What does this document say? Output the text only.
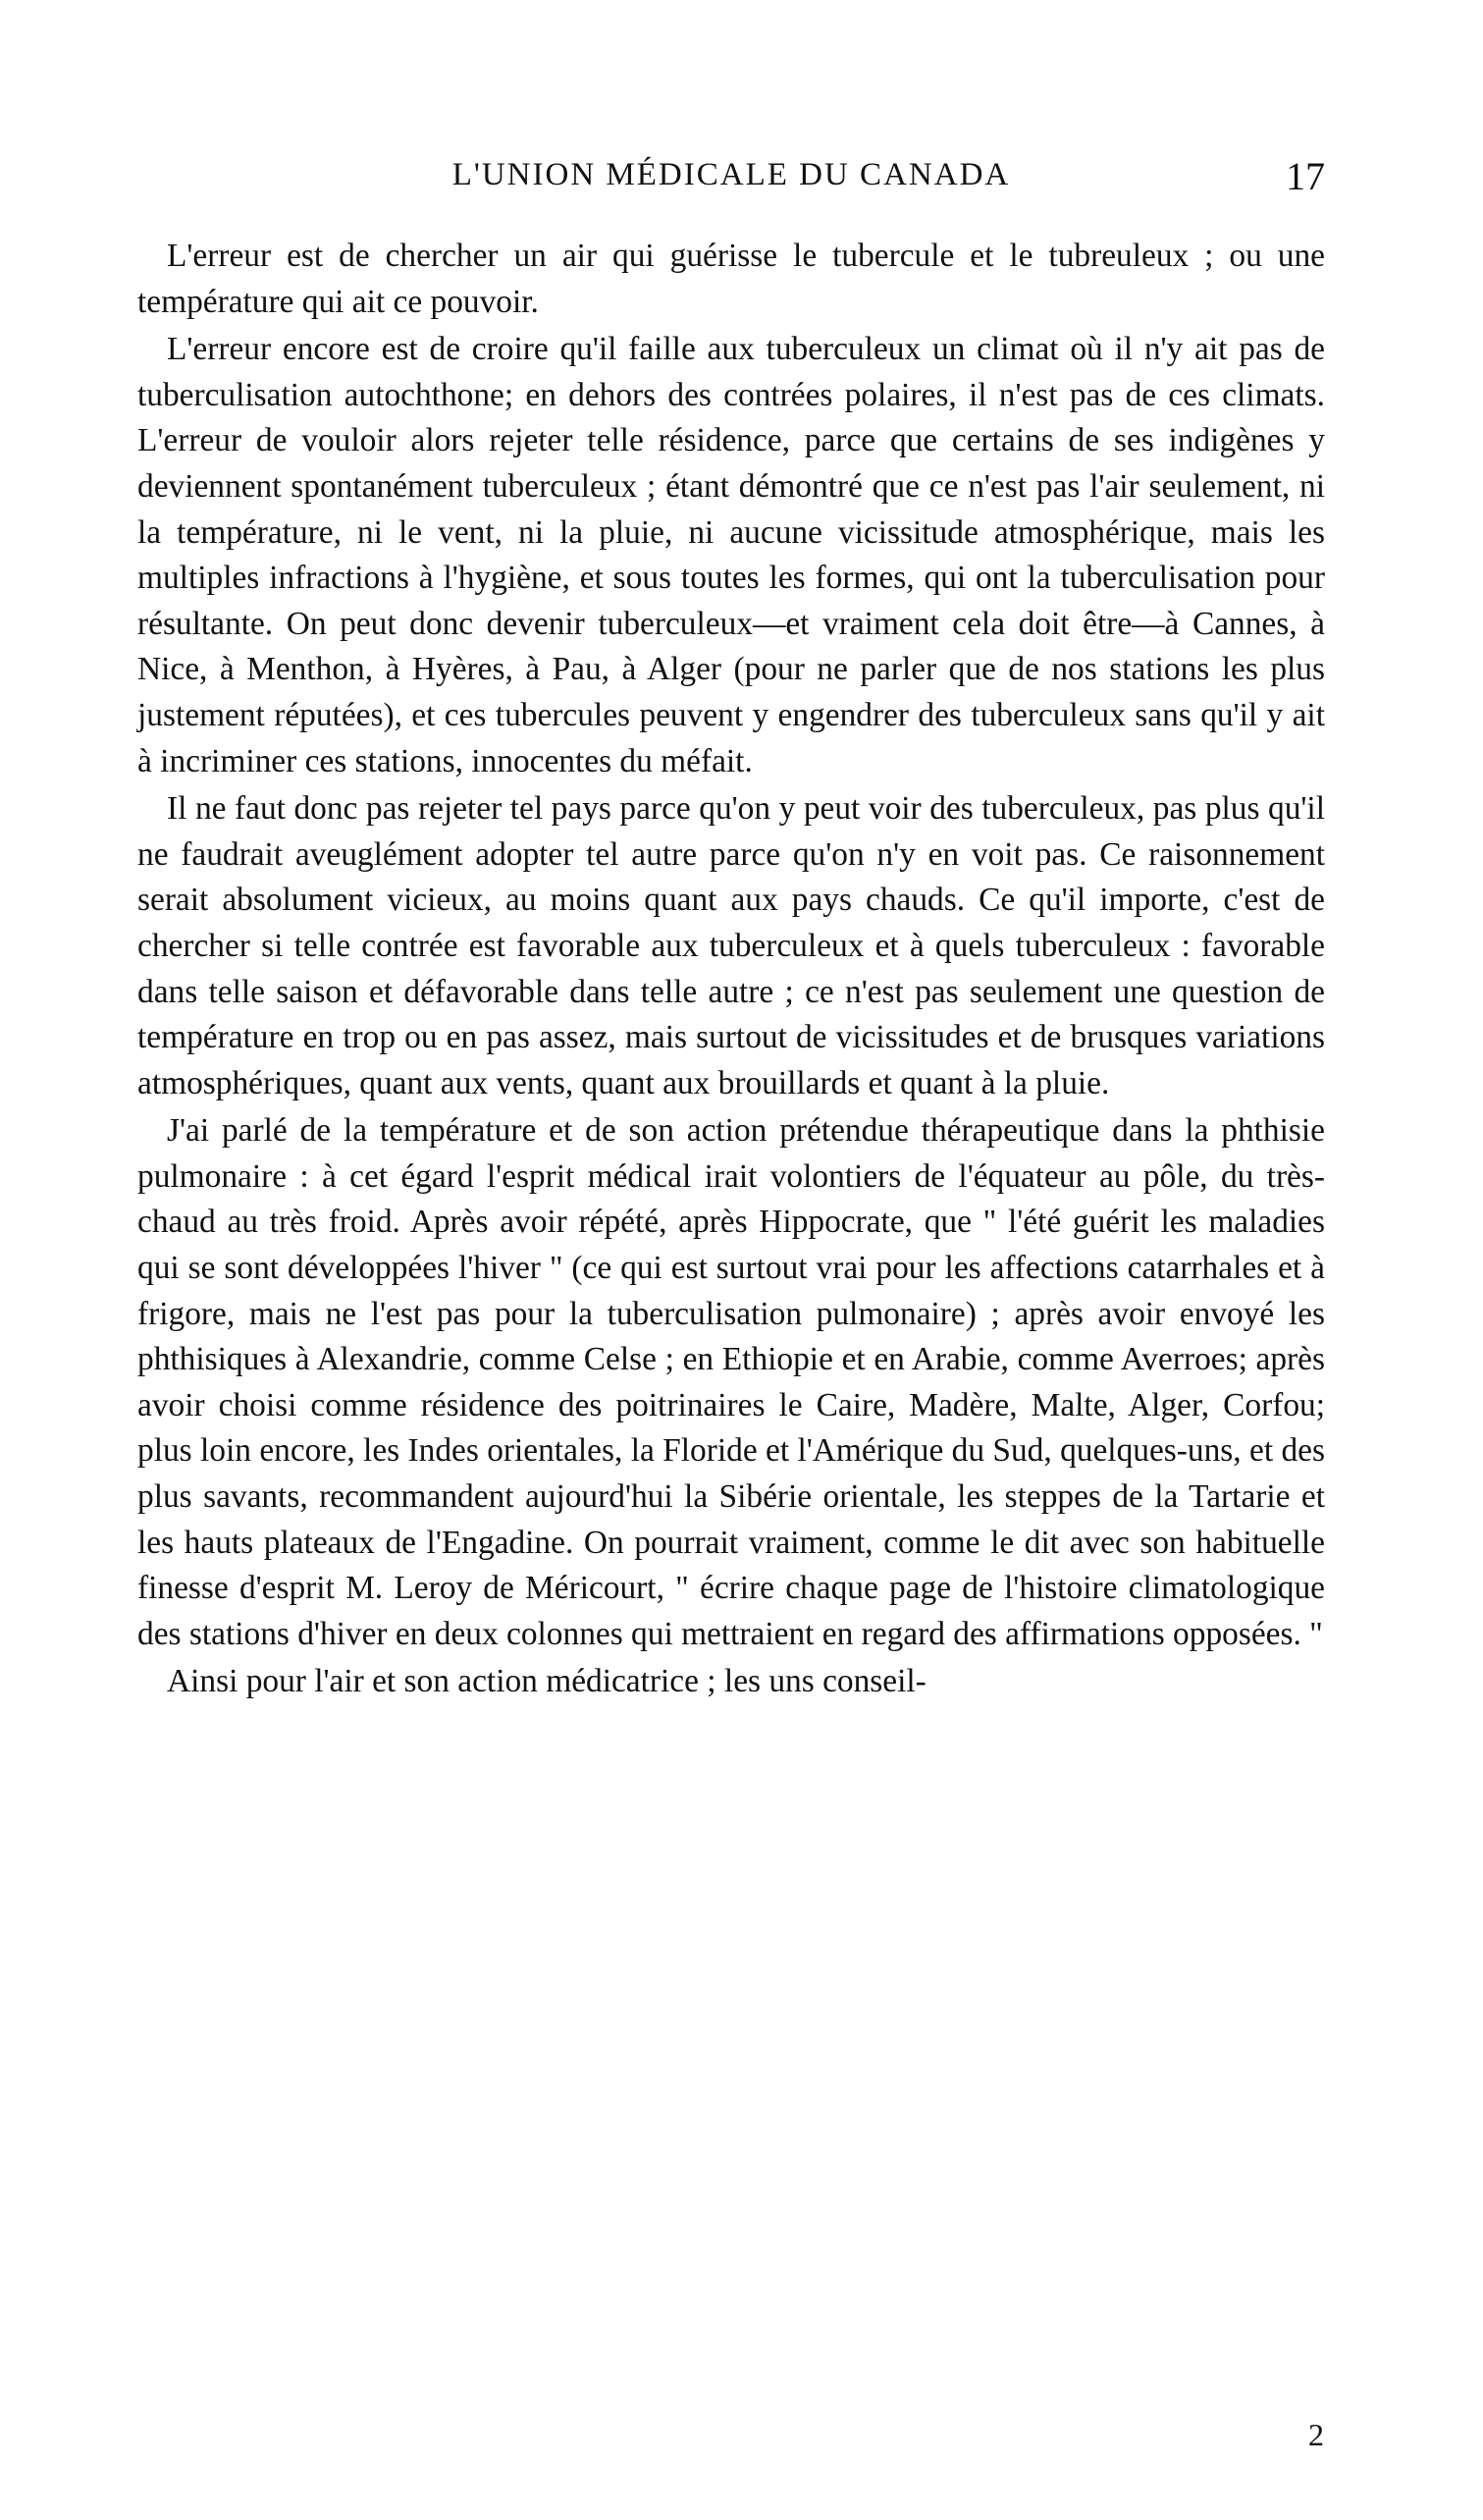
L'UNION MÉDICALE DU CANADA	17

L'erreur est de chercher un air qui guérisse le tubercule et le tubreuleux ; ou une température qui ait ce pouvoir.

L'erreur encore est de croire qu'il faille aux tuberculeux un climat où il n'y ait pas de tuberculisation autochthone; en dehors des contrées polaires, il n'est pas de ces climats. L'erreur de vouloir alors rejeter telle résidence, parce que certains de ses indigènes y deviennent spontanément tuberculeux ; étant démontré que ce n'est pas l'air seulement, ni la température, ni le vent, ni la pluie, ni aucune vicissitude atmosphérique, mais les multiples infractions à l'hygiène, et sous toutes les formes, qui ont la tuberculisation pour résultante. On peut donc devenir tuberculeux—et vraiment cela doit être—à Cannes, à Nice, à Menthon, à Hyères, à Pau, à Alger (pour ne parler que de nos stations les plus justement réputées), et ces tubercules peuvent y engendrer des tuberculeux sans qu'il y ait à incriminer ces stations, innocentes du méfait.

Il ne faut donc pas rejeter tel pays parce qu'on y peut voir des tuberculeux, pas plus qu'il ne faudrait aveuglément adopter tel autre parce qu'on n'y en voit pas. Ce raisonnement serait absolument vicieux, au moins quant aux pays chauds. Ce qu'il importe, c'est de chercher si telle contrée est favorable aux tuberculeux et à quels tuberculeux : favorable dans telle saison et défavorable dans telle autre ; ce n'est pas seulement une question de température en trop ou en pas assez, mais surtout de vicissitudes et de brusques variations atmosphériques, quant aux vents, quant aux brouillards et quant à la pluie.

J'ai parlé de la température et de son action prétendue thérapeutique dans la phthisie pulmonaire : à cet égard l'esprit médical irait volontiers de l'équateur au pôle, du très-chaud au très froid. Après avoir répété, après Hippocrate, que " l'été guérit les maladies qui se sont développées l'hiver " (ce qui est surtout vrai pour les affections catarrhales et à frigore, mais ne l'est pas pour la tuberculisation pulmonaire) ; après avoir envoyé les phthisiques à Alexandrie, comme Celse ; en Ethiopie et en Arabie, comme Averroes; après avoir choisi comme résidence des poitrinaires le Caire, Madère, Malte, Alger, Corfou; plus loin encore, les Indes orientales, la Floride et l'Amérique du Sud, quelques-uns, et des plus savants, recommandent aujourd'hui la Sibérie orientale, les steppes de la Tartarie et les hauts plateaux de l'Engadine. On pourrait vraiment, comme le dit avec son habituelle finesse d'esprit M. Leroy de Méricourt, " écrire chaque page de l'histoire climatologique des stations d'hiver en deux colonnes qui mettraient en regard des affirmations opposées. "

Ainsi pour l'air et son action médicatrice ; les uns conseil-

2
